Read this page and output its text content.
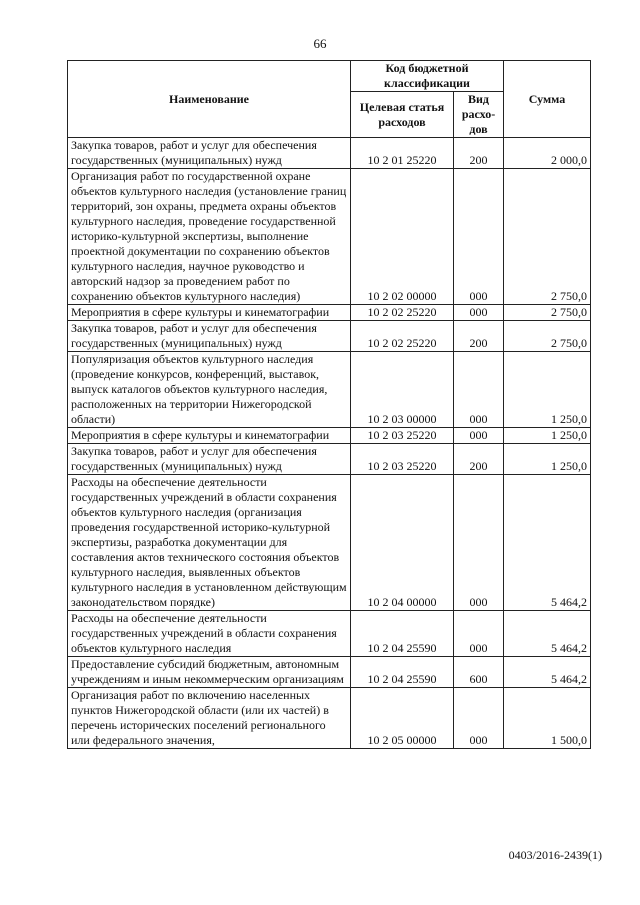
66
Наименование	Код бюджетной классификации		Сумма
	Целевая статья расходов	Вид расхо-дов	
Закупка товаров, работ и услуг для обеспечения государственных (муниципальных) нужд	10 2 01 25220	200	2 000,0
Организация работ по государственной охране объектов культурного наследия (установление границ территорий, зон охраны, предмета охраны объектов культурного наследия, проведение государственной историко-культурной экспертизы, выполнение проектной документации по сохранению объектов культурного наследия, научное руководство и авторский надзор за проведением работ по сохранению объектов культурного наследия)	10 2 02 00000	000	2 750,0
Мероприятия в сфере культуры и кинематографии	10 2 02 25220	000	2 750,0
Закупка товаров, работ и услуг для обеспечения государственных (муниципальных) нужд	10 2 02 25220	200	2 750,0
Популяризация объектов культурного наследия (проведение конкурсов, конференций, выставок, выпуск каталогов объектов культурного наследия, расположенных на территории Нижегородской области)	10 2 03 00000	000	1 250,0
Мероприятия в сфере культуры и кинематографии	10 2 03 25220	000	1 250,0
Закупка товаров, работ и услуг для обеспечения государственных (муниципальных) нужд	10 2 03 25220	200	1 250,0
Расходы на обеспечение деятельности государственных учреждений в области сохранения объектов культурного наследия (организация проведения государственной историко-культурной экспертизы, разработка документации для составления актов технического состояния объектов культурного наследия, выявленных объектов культурного наследия в установленном действующим законодательством порядке)	10 2 04 00000	000	5 464,2
Расходы на обеспечение деятельности государственных учреждений в области сохранения объектов культурного наследия	10 2 04 25590	000	5 464,2
Предоставление субсидий бюджетным, автономным учреждениям и иным некоммерческим организациям	10 2 04 25590	600	5 464,2
Организация работ по включению населенных пунктов Нижегородской области (или их частей) в перечень исторических поселений регионального или федерального значения,	10 2 05 00000	000	1 500,0
0403/2016-2439(1)
